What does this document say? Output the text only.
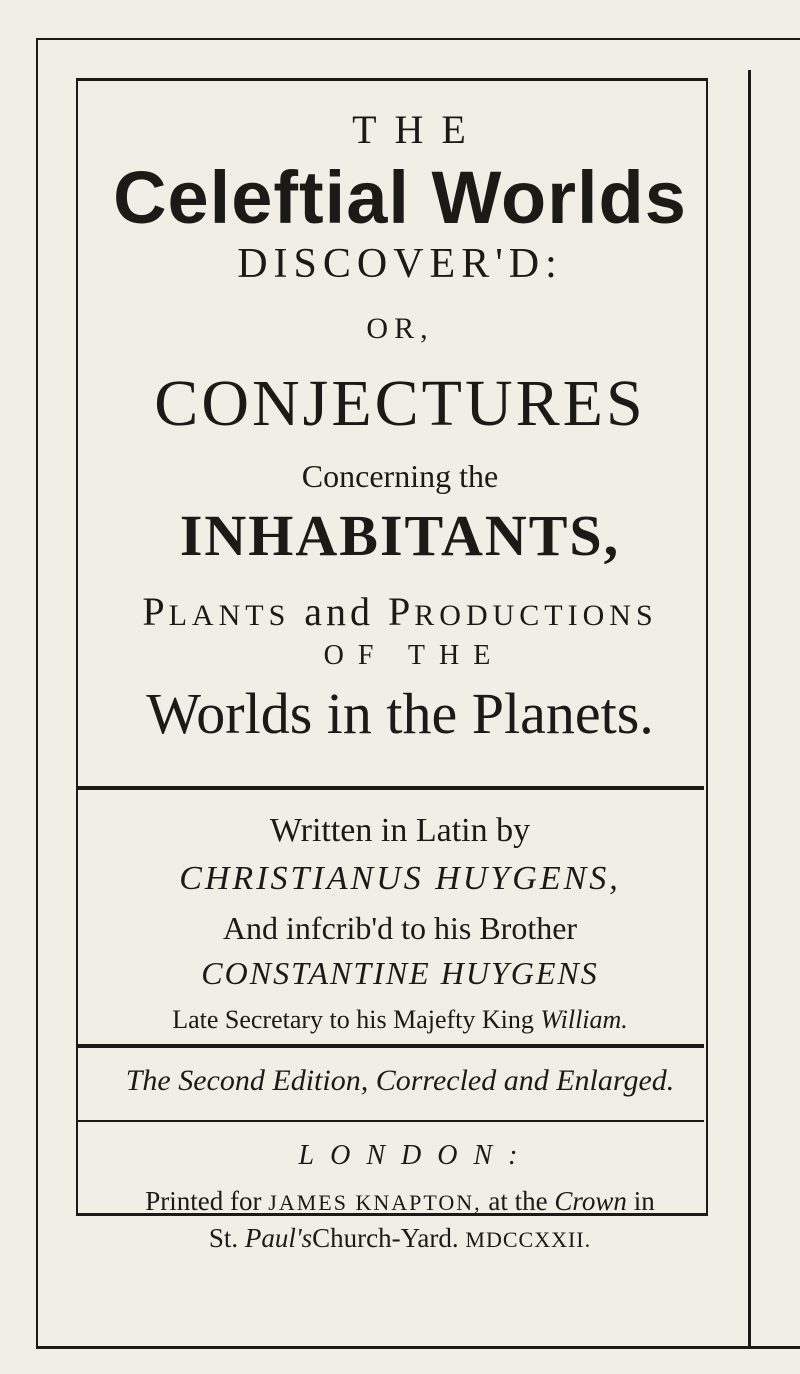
THE
Celeftial Worlds
DISCOVER'D:
OR,
CONJECTURES
Concerning the
INHABITANTS,
PLANTS and PRODUCTIONS
OF THE
Worlds in the Planets.
Written in Latin by
CHRISTIANUS HUYGENS,
And infcrib'd to his Brother
CONSTANTINE HUYGENS
Late Secretary to his Majefty King William.
The Second Edition, Correcled and Enlarged.
LONDON:
Printed for JAMES KNAPTON, at the Crown in
St. Paul'sChurch-Yard. MDCCXXII.
